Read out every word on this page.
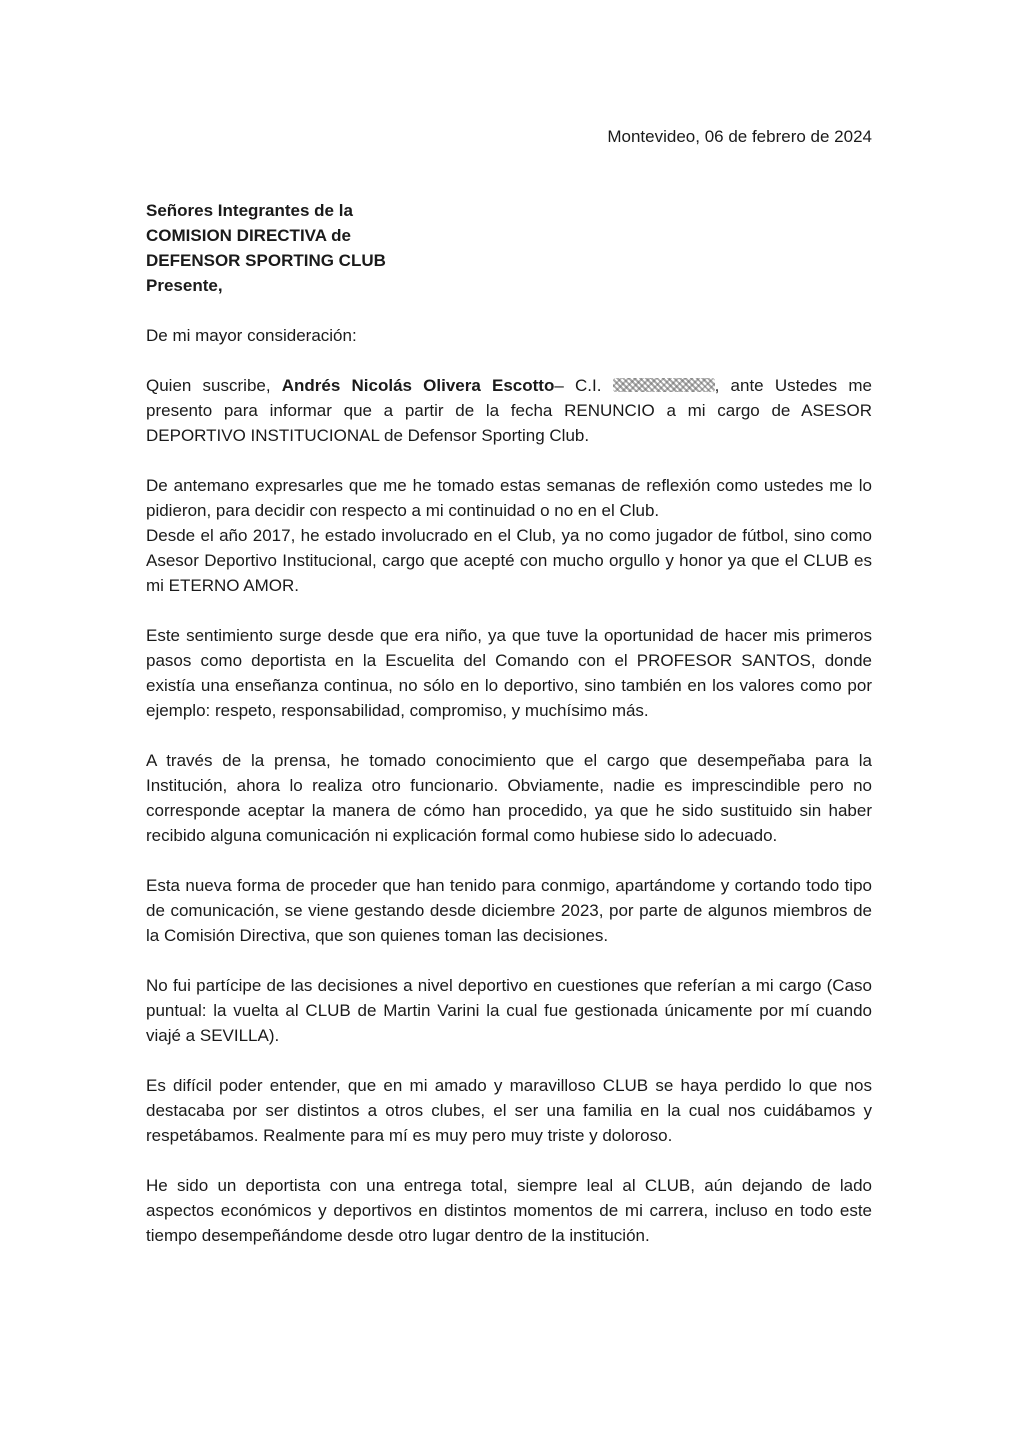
Montevideo, 06 de febrero de 2024
Señores Integrantes de la
COMISION DIRECTIVA de
DEFENSOR SPORTING CLUB
Presente,
De mi mayor consideración:

Quien suscribe, Andrés Nicolás Olivera Escotto– C.I.	, ante Ustedes me presento para informar que a partir de la fecha RENUNCIO a mi cargo de ASESOR DEPORTIVO INSTITUCIONAL de Defensor Sporting Club.

De antemano expresarles que me he tomado estas semanas de reflexión como ustedes me lo pidieron, para decidir con respecto a mi continuidad o no en el Club.

Desde el año 2017, he estado involucrado en el Club, ya no como jugador de fútbol, sino como Asesor Deportivo Institucional, cargo que acepté con mucho orgullo y honor ya que el CLUB es mi ETERNO AMOR.

Este sentimiento surge desde que era niño, ya que tuve la oportunidad de hacer mis primeros pasos como deportista en la Escuelita del Comando con el PROFESOR SANTOS, donde existía una enseñanza continua, no sólo en lo deportivo, sino también en los valores como por ejemplo: respeto, responsabilidad, compromiso, y muchísimo más.

A través de la prensa, he tomado conocimiento que el cargo que desempeñaba para la Institución, ahora lo realiza otro funcionario. Obviamente, nadie es imprescindible pero no corresponde aceptar la manera de cómo han procedido, ya que he sido sustituido sin haber recibido alguna comunicación ni explicación formal como hubiese sido lo adecuado.

Esta nueva forma de proceder que han tenido para conmigo, apartándome y cortando todo tipo de comunicación, se viene gestando desde diciembre 2023, por parte de algunos miembros de la Comisión Directiva, que son quienes toman las decisiones.

No fui partícipe de las decisiones a nivel deportivo en cuestiones que referían a mi cargo (Caso puntual: la vuelta al CLUB de Martin Varini la cual fue gestionada únicamente por mí cuando viajé a SEVILLA).

Es difícil poder entender, que en mi amado y maravilloso CLUB se haya perdido lo que nos destacaba por ser distintos a otros clubes, el ser una familia en la cual nos cuidábamos y respetábamos. Realmente para mí es muy pero muy triste y doloroso.

He sido un deportista con una entrega total, siempre leal al CLUB, aún dejando de lado aspectos económicos y deportivos en distintos momentos de mi carrera, incluso en todo este tiempo desempeñándome desde otro lugar dentro de la institución.
